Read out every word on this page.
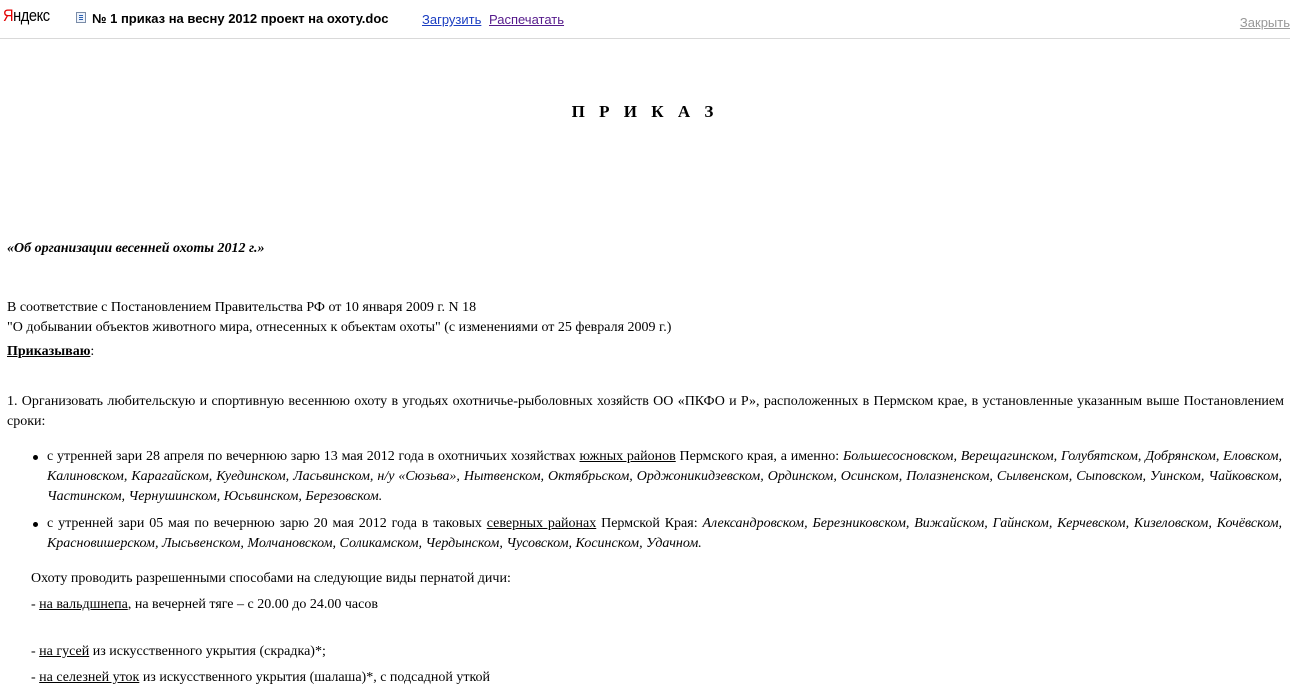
Яндекс	№ 1 приказ на весну 2012 проект на охоту.doc	Загрузить Распечатать	Закрыть
П Р И К А З
«Об организации весенней охоты 2012 г.»
В соответствие с Постановлением Правительства РФ от 10 января 2009 г. N 18
"О добывании объектов животного мира, отнесенных к объектам охоты" (с изменениями от 25 февраля 2009 г.)
Приказываю:
1. Организовать любительскую и спортивную весеннюю охоту в угодьях охотничье-рыболовных хозяйств ОО «ПКФО и Р», расположенных в Пермском крае, в установленные указанным выше Постановлением сроки:
с утренней зари 28 апреля по вечернюю зарю 13 мая 2012 года в охотничьих хозяйствах южных районов Пермского края, а именно: Большесосновском, Верещагинском, Голубятском, Добрянском, Еловском, Калиновском, Карагайском, Куединском, Ласьвинском, н/у «Сюзьва», Нытвенском, Октябрьском, Орджоникидзевском, Ординском, Осинском, Полазненском, Сылвенском, Сыповском, Уинском, Чайковском, Частинском, Чернушинском, Юсьвинском, Березовском.
с утренней зари 05 мая по вечернюю зарю 20 мая 2012 года в таковых северных районах Пермской Края: Александровском, Березниковском, Вижайском, Гайнском, Керчевском, Кизеловском, Кочёвском, Красновишерском, Лысьвенском, Молчановском, Соликамском, Чердынском, Чусовском, Косинском, Удачном.
Охоту проводить разрешенными способами на следующие виды пернатой дичи:
- на вальдшнепа, на вечерней тяге – с 20.00 до 24.00 часов
- на гусей из искусственного укрытия (скрадка)*;
- на селезней уток из искусственного укрытия (шалаша)*, с подсадной уткой
